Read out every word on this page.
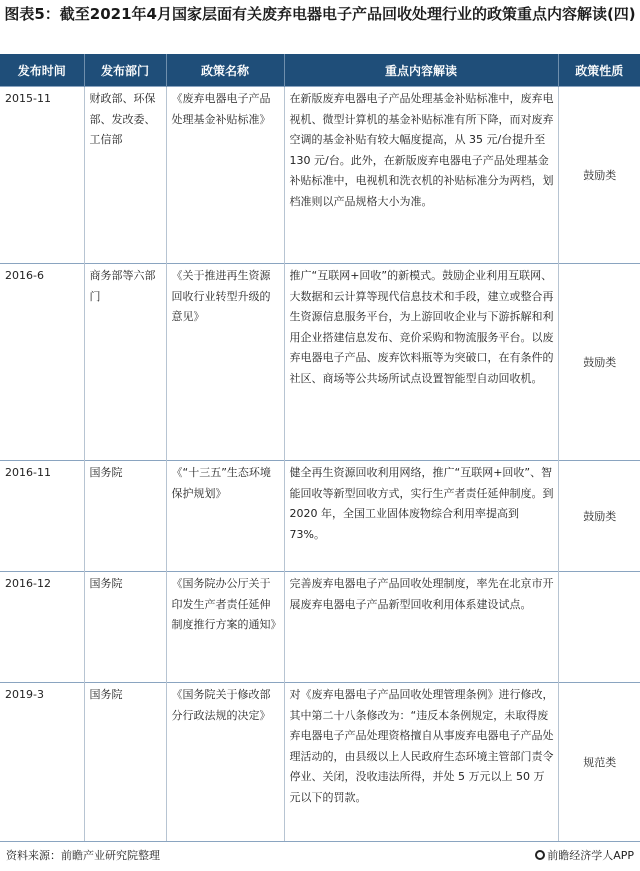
图表5：截至2021年4月国家层面有关废弃电器电子产品回收处理行业的政策重点内容解读(四)
发布时间	发布部门	政策名称	重点内容解读	政策性质
2015-11	财政部、环保部、发改委、工信部	《废弃电器电子产品处理基金补贴标准》	在新版废弃电器电子产品处理基金补贴标准中，废弃电视机、微型计算机的基金补贴标准有所下降，而对废弃空调的基金补贴有较大幅度提高，从 35 元/台提升至 130 元/台。此外，在新版废弃电器电子产品处理基金补贴标准中，电视机和洗衣机的补贴标准分为两档，划档准则以产品规格大小为准。	鼓励类
2016-6	商务部等六部门	《关于推进再生资源回收行业转型升级的意见》	推广“互联网+回收”的新模式。鼓励企业利用互联网、大数据和云计算等现代信息技术和手段，建立或整合再生资源信息服务平台，为上游回收企业与下游拆解和利用企业搭建信息发布、竞价采购和物流服务平台。以废弃电器电子产品、废弃饮料瓶等为突破口，在有条件的社区、商场等公共场所试点设置智能型自动回收机。	鼓励类
2016-11	国务院	《“十三五”生态环境保护规划》	健全再生资源回收利用网络，推广“互联网+回收”、智能回收等新型回收方式，实行生产者责任延伸制度。到 2020 年，全国工业固体废物综合利用率提高到 73%。	鼓励类
2016-12	国务院	《国务院办公厅关于印发生产者责任延伸制度推行方案的通知》	完善废弃电器电子产品回收处理制度，率先在北京市开展废弃电器电子产品新型回收利用体系建设试点。	
2019-3	国务院	《国务院关于修改部分行政法规的决定》	对《废弃电器电子产品回收处理管理条例》进行修改，其中第二十八条修改为：“违反本条例规定，未取得废弃电器电子产品处理资格擅自从事废弃电器电子产品处理活动的，由县级以上人民政府生态环境主管部门责令停业、关闭，没收违法所得，并处 5 万元以上 50 万元以下的罚款。	规范类
资料来源：前瞻产业研究院整理	前瞻经济学人APP
